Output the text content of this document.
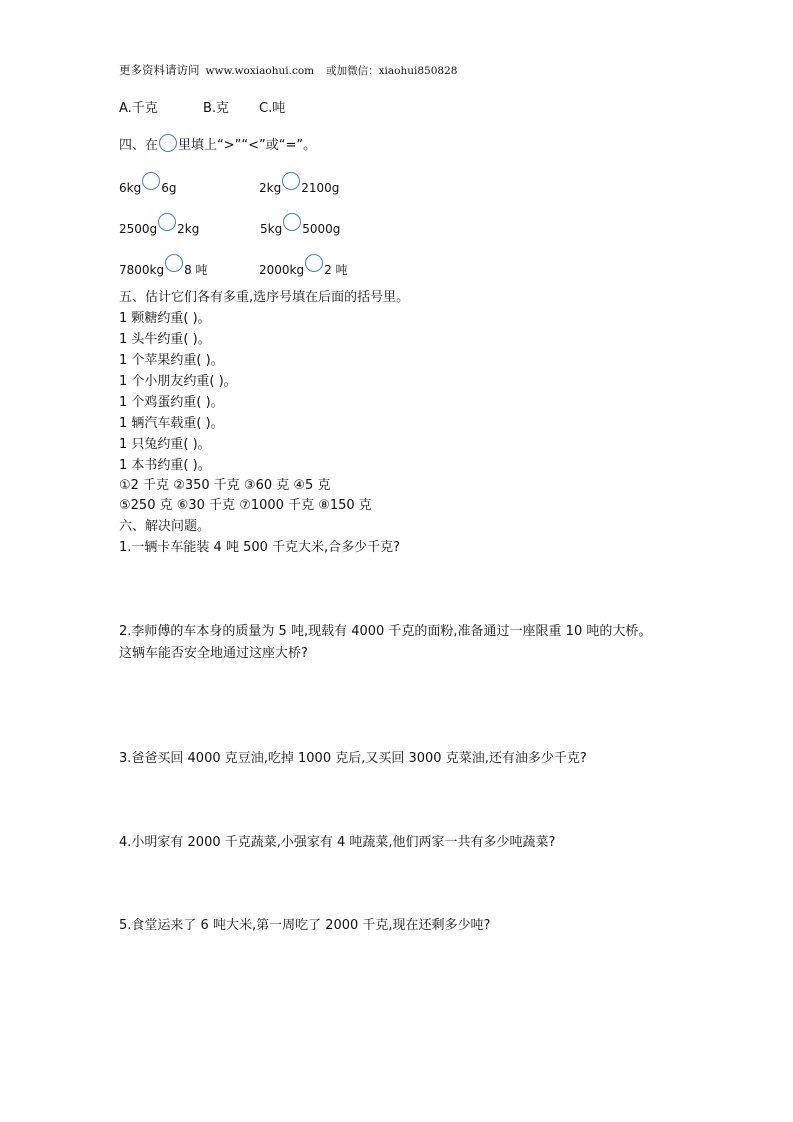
更多资料请访问 www.woxiaohui.com 或加微信：xiaohui850828
A.千克	B.克 C.吨
四、在 里填上“>”“<”或“=”。
6kg 6g	2kg 2100g
2500g 2kg	5kg 5000g
7800kg 8 吨	2000kg 2 吨
五、估计它们各有多重,选序号填在后面的括号里。
1 颗糖约重( )。
1 头牛约重( )。
1 个苹果约重( )。
1 个小朋友约重( )。
1 个鸡蛋约重( )。
1 辆汽车载重( )。
1 只兔约重( )。
1 本书约重( )。
①2 千克 ②350 千克 ③60 克 ④5 克
⑤250 克 ⑥30 千克 ⑦1000 千克 ⑧150 克
六、解决问题。
1.一辆卡车能装 4 吨 500 千克大米,合多少千克?
2.李师傅的车本身的质量为 5 吨,现载有 4000 千克的面粉,准备通过一座限重 10 吨的大桥。
这辆车能否安全地通过这座大桥?
3.爸爸买回 4000 克豆油,吃掉 1000 克后,又买回 3000 克菜油,还有油多少千克?
4.小明家有 2000 千克蔬菜,小强家有 4 吨蔬菜,他们两家一共有多少吨蔬菜?
5.食堂运来了 6 吨大米,第一周吃了 2000 千克,现在还剩多少吨?
